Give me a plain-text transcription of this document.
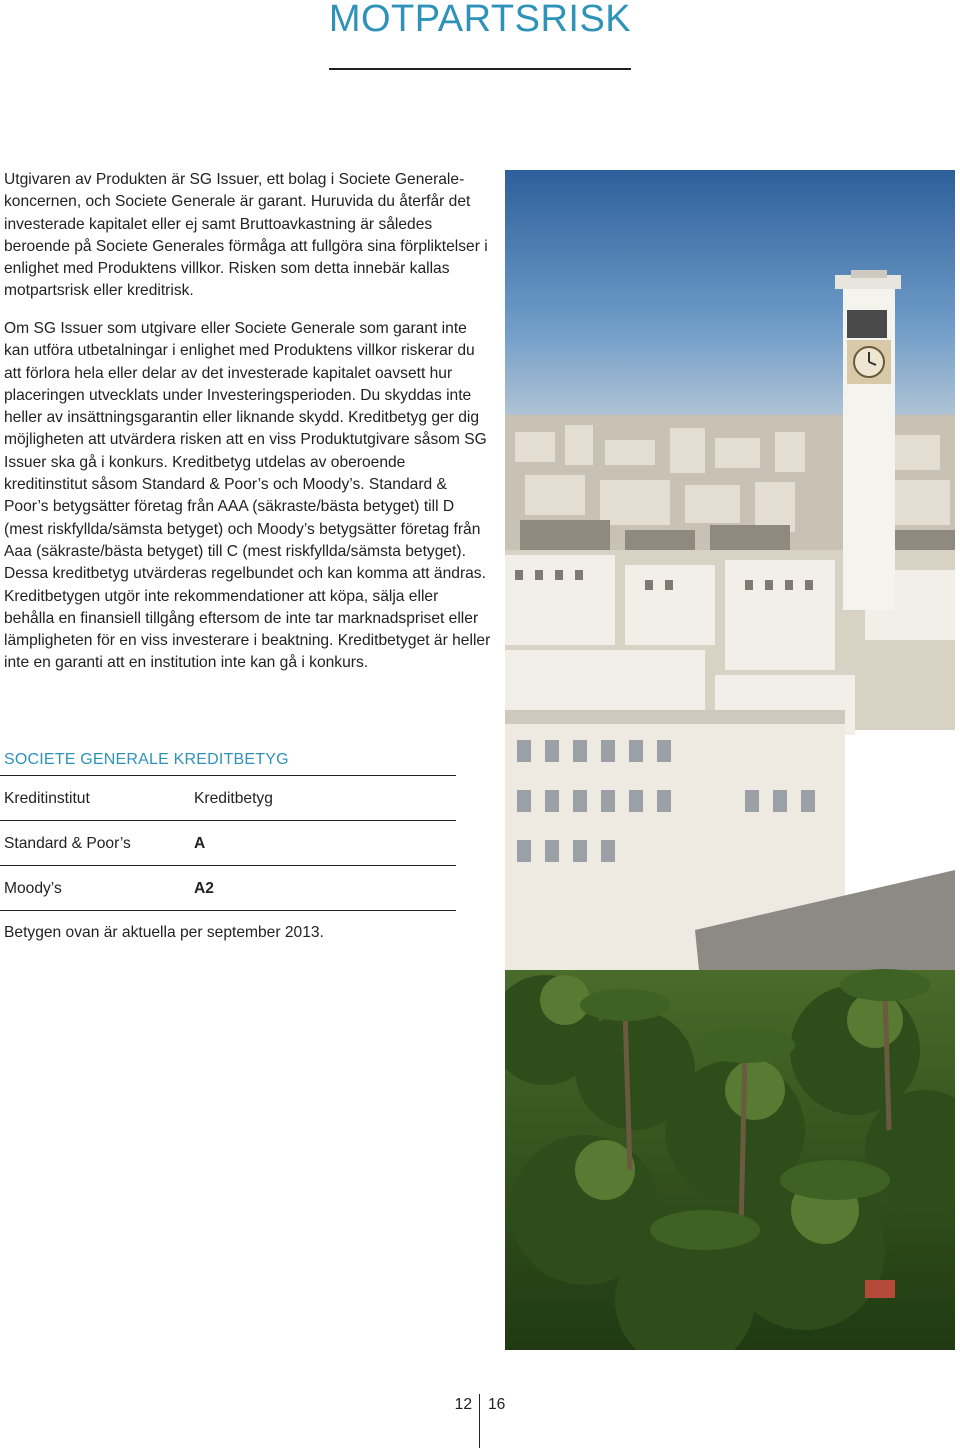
MOTPARTSRISK

Utgivaren av Produkten är SG Issuer, ett bolag i Societe Generale-koncernen, och Societe Generale är garant. Huruvida du återfår det investerade kapitalet eller ej samt Bruttoavkastning är således beroende på Societe Generales förmåga att fullgöra sina förpliktelser i enlighet med Produktens villkor. Risken som detta innebär kallas motpartsrisk eller kreditrisk.

Om SG Issuer som utgivare eller Societe Generale som garant inte kan utföra utbetalningar i enlighet med Produktens villkor riskerar du att förlora hela eller delar av det investerade kapitalet oavsett hur placeringen utvecklats under Investeringsperioden. Du skyddas inte heller av insättningsgarantin eller liknande skydd. Kreditbetyg ger dig möjligheten att utvärdera risken att en viss Produktutgivare såsom SG Issuer ska gå i konkurs. Kreditbetyg utdelas av oberoende kreditinstitut såsom Standard & Poor’s och Moody’s. Standard & Poor’s betygsätter företag från AAA (säkraste/bästa betyget) till D (mest riskfyllda/sämsta betyget) och Moody’s betygsätter företag från Aaa (säkraste/bästa betyget) till C (mest riskfyllda/sämsta betyget). Dessa kreditbetyg utvärderas regelbundet och kan komma att ändras. Kreditbetygen utgör inte rekommendationer att köpa, sälja eller behålla en finansiell tillgång eftersom de inte tar marknadspriset eller lämpligheten för en viss investerare i beaktning. Kreditbetyget är heller inte en garanti att en institution inte kan gå i konkurs.

SOCIETE GENERALE KREDITBETYG
Kreditinstitut	Kreditbetyg
Standard & Poor’s	A
Moody’s	A2
Betygen ovan är aktuella per september 2013.
12 16
